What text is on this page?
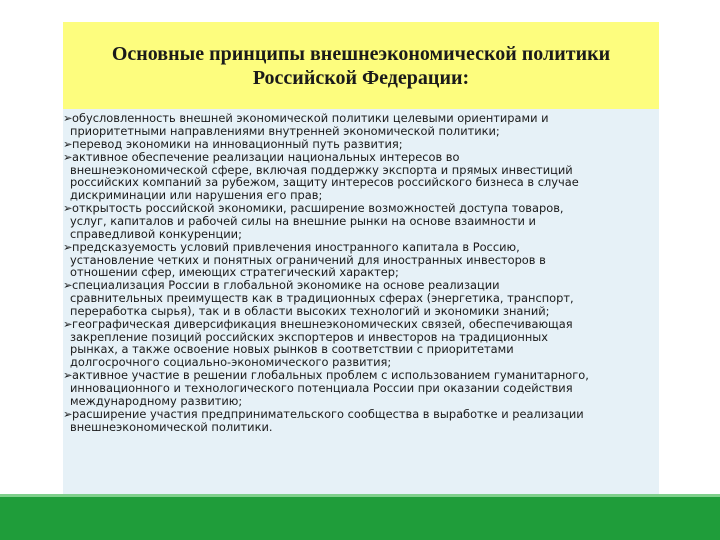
Основные принципы внешнеэкономической политики
Российской Федерации:
➢обусловленность внешней экономической политики целевыми ориентирами и
приоритетными направлениями внутренней экономической политики;
➢перевод экономики на инновационный путь развития;
➢активное обеспечение реализации национальных интересов во
внешнеэкономической сфере, включая поддержку экспорта и прямых инвестиций
российских компаний за рубежом, защиту интересов российского бизнеса в случае
дискриминации или нарушения его прав;
➢открытость российской экономики, расширение возможностей доступа товаров,
услуг, капиталов и рабочей силы на внешние рынки на основе взаимности и
справедливой конкуренции;
➢предсказуемость условий привлечения иностранного капитала в Россию,
установление четких и понятных ограничений для иностранных инвесторов в
отношении сфер, имеющих стратегический характер;
➢специализация России в глобальной экономике на основе реализации
сравнительных преимуществ как в традиционных сферах (энергетика, транспорт,
переработка сырья), так и в области высоких технологий и экономики знаний;
➢географическая диверсификация внешнеэкономических связей, обеспечивающая
закрепление позиций российских экспортеров и инвесторов на традиционных
рынках, а также освоение новых рынков в соответствии с приоритетами
долгосрочного социально-экономического развития;
➢активное участие в решении глобальных проблем с использованием гуманитарного,
инновационного и технологического потенциала России при оказании содействия
международному развитию;
➢расширение участия предпринимательского сообщества в выработке и реализации
внешнеэкономической политики.
